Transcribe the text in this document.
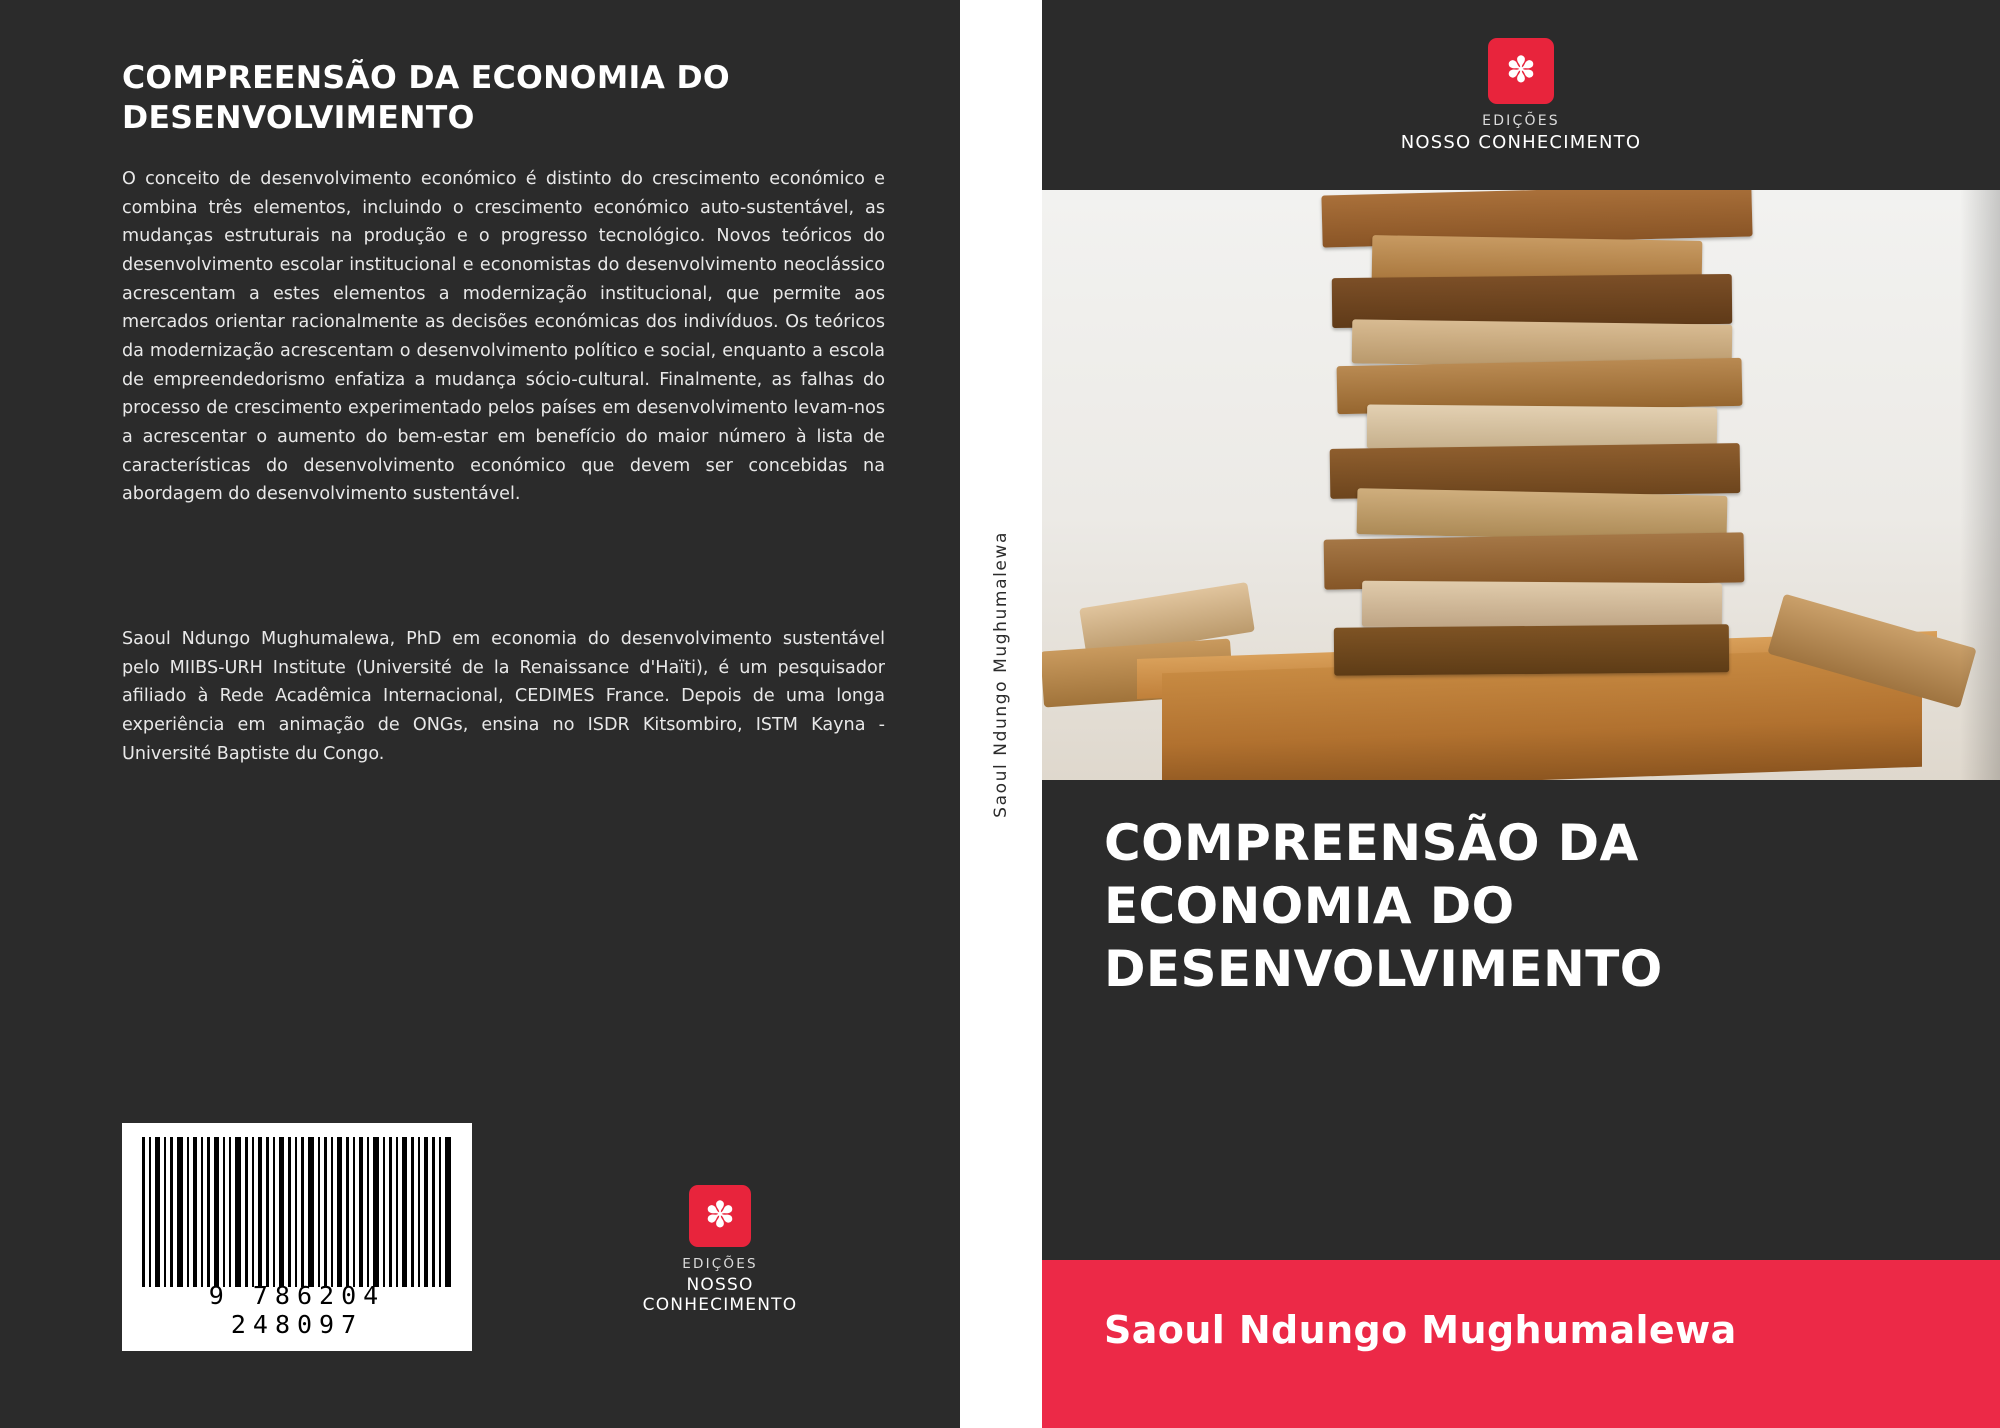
COMPREENSÃO DA ECONOMIA DO DESENVOLVIMENTO
O conceito de desenvolvimento económico é distinto do crescimento económico e combina três elementos, incluindo o crescimento económico auto-sustentável, as mudanças estruturais na produção e o progresso tecnológico. Novos teóricos do desenvolvimento escolar institucional e economistas do desenvolvimento neoclássico acrescentam a estes elementos a modernização institucional, que permite aos mercados orientar racionalmente as decisões económicas dos indivíduos. Os teóricos da modernização acrescentam o desenvolvimento político e social, enquanto a escola de empreendedorismo enfatiza a mudança sócio-cultural. Finalmente, as falhas do processo de crescimento experimentado pelos países em desenvolvimento levam-nos a acrescentar o aumento do bem-estar em benefício do maior número à lista de características do desenvolvimento económico que devem ser concebidas na abordagem do desenvolvimento sustentável.
Saoul Ndungo Mughumalewa, PhD em economia do desenvolvimento sustentável pelo MIIBS-URH Institute (Université de la Renaissance d'Haïti), é um pesquisador afiliado à Rede Acadêmica Internacional, CEDIMES France. Depois de uma longa experiência em animação de ONGs, ensina no ISDR Kitsombiro, ISTM Kayna - Université Baptiste du Congo.
9 786204 248097
✽
EDIÇÕES
NOSSO CONHECIMENTO
Saoul Ndungo Mughumalewa
✽
EDIÇÕES
NOSSO CONHECIMENTO
COMPREENSÃO DA ECONOMIA DO DESENVOLVIMENTO
Saoul Ndungo Mughumalewa
